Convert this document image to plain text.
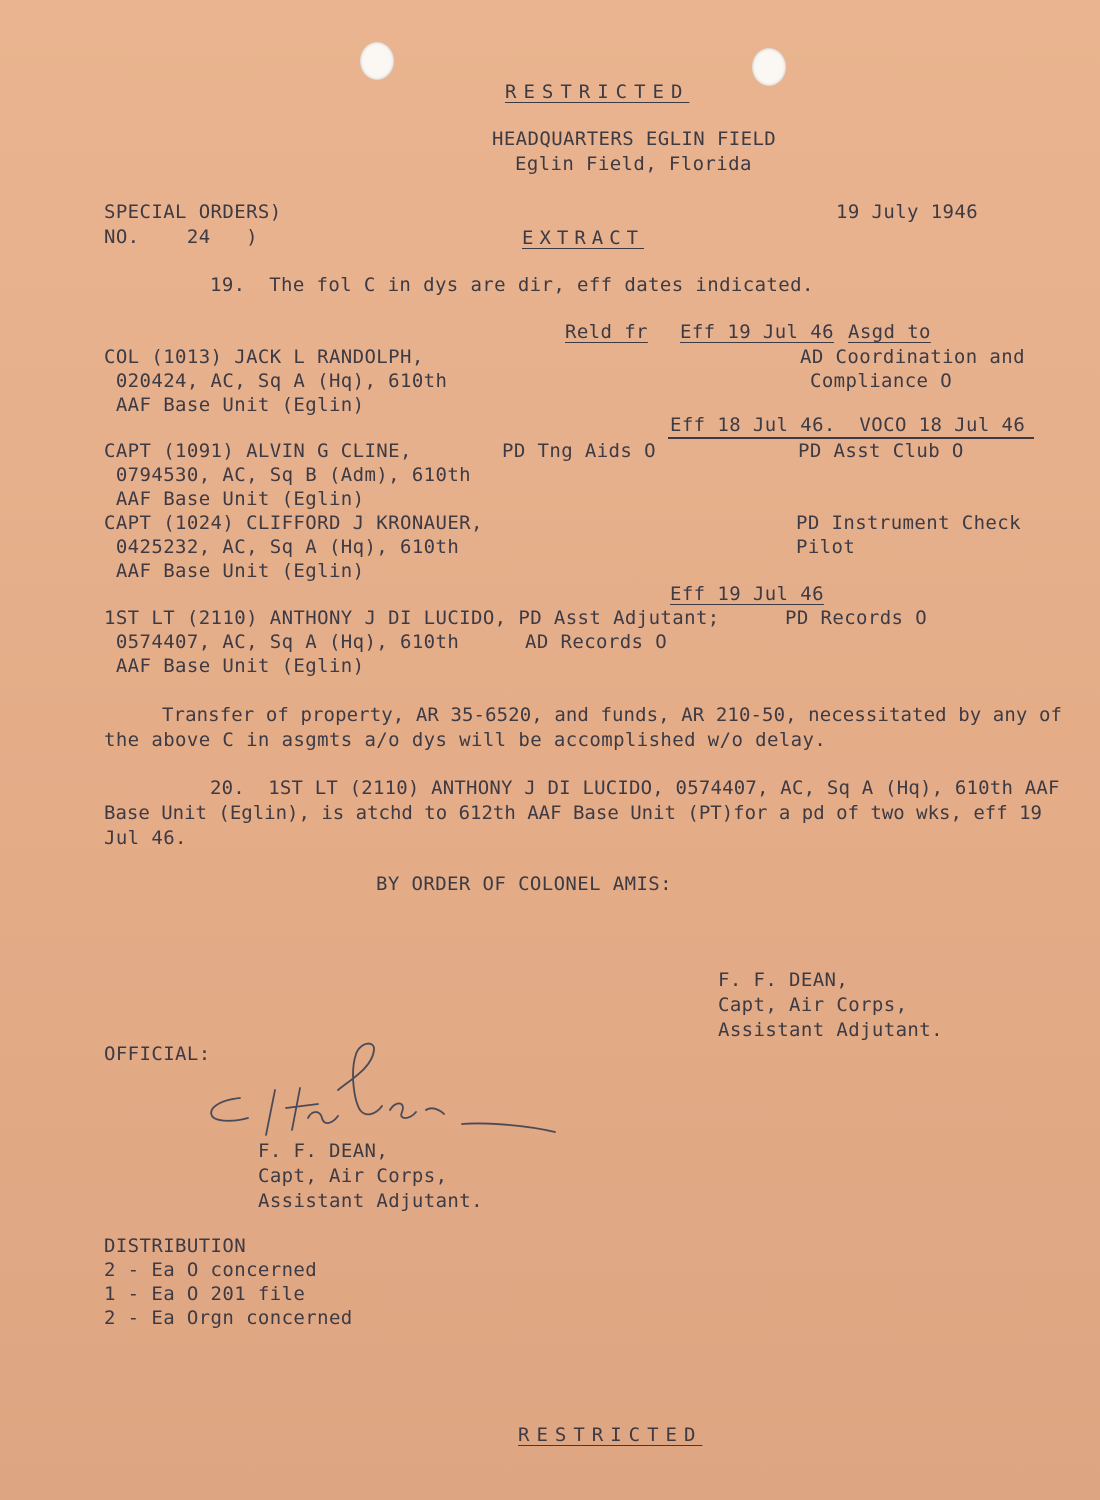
RESTRICTED
HEADQUARTERS EGLIN FIELD
Eglin Field, Florida
SPECIAL ORDERS)
NO.    24   )
19 July 1946
EXTRACT
19.  The fol C in dys are dir, eff dates indicated.
Reld fr Eff 19 Jul 46 Asgd to
COL (1013) JACK L RANDOLPH,
020424, AC, Sq A (Hq), 610th
AAF Base Unit (Eglin)
AD Coordination and
Compliance O
Eff 18 Jul 46.  VOCO 18 Jul 46
CAPT (1091) ALVIN G CLINE,
0794530, AC, Sq B (Adm), 610th
AAF Base Unit (Eglin)
PD Tng Aids O	PD Asst Club O
CAPT (1024) CLIFFORD J KRONAUER,
0425232, AC, Sq A (Hq), 610th
AAF Base Unit (Eglin)
PD Instrument Check
Pilot
Eff 19 Jul 46
1ST LT (2110) ANTHONY J DI LUCIDO, PD Asst Adjutant;
0574407, AC, Sq A (Hq), 610th	AD Records O
AAF Base Unit (Eglin)
PD Records O
Transfer of property, AR 35-6520, and funds, AR 210-50, necessitated by any of
the above C in asgmts a/o dys will be accomplished w/o delay.
20.  1ST LT (2110) ANTHONY J DI LUCIDO, 0574407, AC, Sq A (Hq), 610th AAF
Base Unit (Eglin), is atchd to 612th AAF Base Unit (PT)for a pd of two wks, eff 19
Jul 46.
BY ORDER OF COLONEL AMIS:
F. F. DEAN,
Capt, Air Corps,
Assistant Adjutant.
OFFICIAL:
F. F. DEAN,
Capt, Air Corps,
Assistant Adjutant.
DISTRIBUTION
2 - Ea O concerned
1 - Ea O 201 file
2 - Ea Orgn concerned
RESTRICTED
